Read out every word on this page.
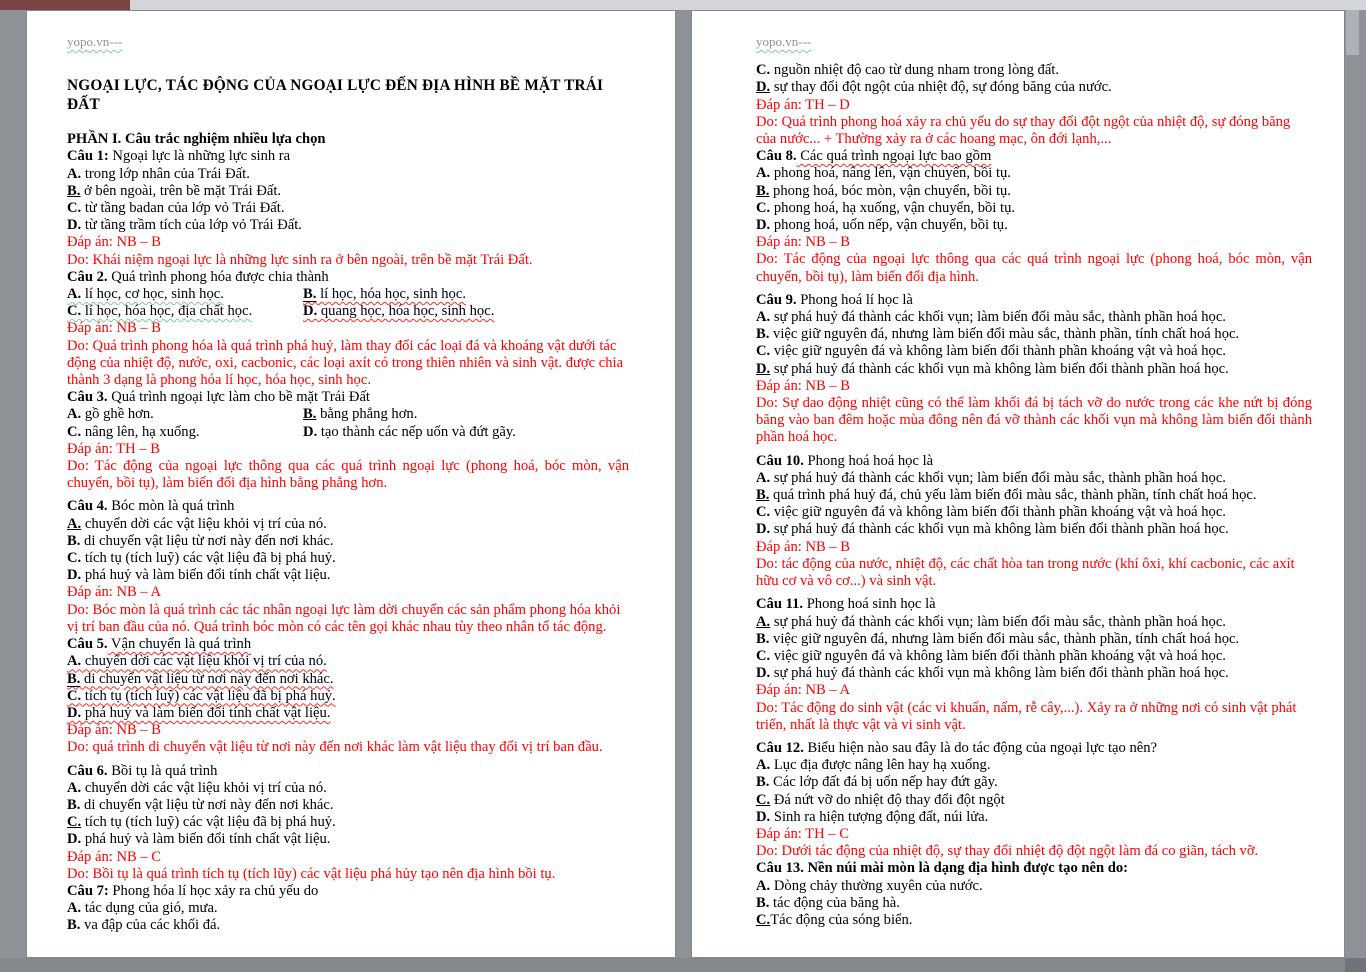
yopo.vn---
NGOẠI LỰC, TÁC ĐỘNG CỦA NGOẠI LỰC ĐẾN ĐỊA HÌNH BỀ MẶT TRÁI ĐẤT
PHẦN I. Câu trắc nghiệm nhiều lựa chọn
Câu 1: Ngoại lực là những lực sinh ra
A. trong lớp nhân của Trái Đất.
B. ở bên ngoài, trên bề mặt Trái Đất.
C. từ tầng badan của lớp vỏ Trái Đất.
D. từ tầng trầm tích của lớp vỏ Trái Đất.
Đáp án: NB – B
Do: Khái niệm ngoại lực là những lực sinh ra ở bên ngoài, trên bề mặt Trái Đất.
Câu 2. Quá trình phong hóa được chia thành
A. lí học, cơ học, sinh học.	B. lí học, hóa học, sinh học.
C. lí học, hóa học, địa chất học.	D. quang học, hóa học, sinh học.
Đáp án: NB – B
Do: Quá trình phong hóa là quá trình phá huỷ, làm thay đổi các loại đá và khoáng vật dưới tác động của nhiệt độ, nước, oxi, cacbonic, các loại axít có trong thiên nhiên và sinh vật. được chia thành 3 dạng là phong hóa lí học, hóa học, sinh học.
Câu 3. Quá trình ngoại lực làm cho bề mặt Trái Đất
A. gồ ghề hơn.	B. bằng phẳng hơn.
C. nâng lên, hạ xuống.	D. tạo thành các nếp uốn và đứt gãy.
Đáp án: TH – B
Do: Tác động của ngoại lực thông qua các quá trình ngoại lực (phong hoá, bóc mòn, vận chuyển, bồi tụ), làm biến đổi địa hình bằng phẳng hơn.
Câu 4. Bóc mòn là quá trình
A. chuyển dời các vật liệu khỏi vị trí của nó.
B. di chuyển vật liệu từ nơi này đến nơi khác.
C. tích tụ (tích luỹ) các vật liệu đã bị phá huỷ.
D. phá huỷ và làm biến đổi tính chất vật liệu.
Đáp án: NB – A
Do: Bóc mòn là quá trình các tác nhân ngoại lực làm dời chuyển các sản phẩm phong hóa khỏi vị trí ban đầu của nó. Quá trình bóc mòn có các tên gọi khác nhau tùy theo nhân tố tác động.
Câu 5. Vận chuyển là quá trình
A. chuyển dời các vật liệu khỏi vị trí của nó.
B. di chuyển vật liệu từ nơi này đến nơi khác.
C. tích tụ (tích luỹ) các vật liệu đã bị phá huỷ.
D. phá huỷ và làm biến đổi tính chất vật liệu.
Đáp án: NB – B
Do: quá trình di chuyển vật liệu từ nơi này đến nơi khác làm vật liệu thay đổi vị trí ban đầu.
Câu 6. Bồi tụ là quá trình
A. chuyển dời các vật liệu khỏi vị trí của nó.
B. di chuyển vật liệu từ nơi này đến nơi khác.
C. tích tụ (tích luỹ) các vật liệu đã bị phá huỷ.
D. phá huỷ và làm biến đổi tính chất vật liệu.
Đáp án: NB – C
Do: Bồi tụ là quá trình tích tụ (tích lũy) các vật liệu phá hủy tạo nên địa hình bồi tụ.
Câu 7: Phong hóa lí học xảy ra chủ yếu do
A. tác dụng của gió, mưa.
B. va đập của các khối đá.
yopo.vn---
C. nguồn nhiệt độ cao từ dung nham trong lòng đất.
D. sự thay đổi đột ngột của nhiệt độ, sự đóng băng của nước.
Đáp án: TH – D
Do: Quá trình phong hoá xảy ra chủ yếu do sự thay đổi đột ngột của nhiệt độ, sự đóng băng của nước... + Thường xảy ra ở các hoang mạc, ôn đới lạnh,...
Câu 8. Các quá trình ngoại lực bao gồm
A. phong hoá, nâng lên, vận chuyển, bồi tụ.
B. phong hoá, bóc mòn, vận chuyển, bồi tụ.
C. phong hoá, hạ xuống, vận chuyển, bồi tụ.
D. phong hoá, uốn nếp, vận chuyển, bồi tụ.
Đáp án: NB – B
Do: Tác động của ngoại lực thông qua các quá trình ngoại lực (phong hoá, bóc mòn, vận chuyển, bồi tụ), làm biến đổi địa hình.
Câu 9. Phong hoá lí học là
A. sự phá huỷ đá thành các khối vụn; làm biến đổi màu sắc, thành phần hoá học.
B. việc giữ nguyên đá, nhưng làm biến đổi màu sắc, thành phần, tính chất hoá học.
C. việc giữ nguyên đá và không làm biến đổi thành phần khoáng vật và hoá học.
D. sự phá huỷ đá thành các khối vụn mà không làm biến đổi thành phần hoá học.
Đáp án: NB – B
Do: Sự dao động nhiệt cũng có thể làm khối đá bị tách vỡ do nước trong các khe nứt bị đóng băng vào ban đêm hoặc mùa đông nên đá vỡ thành các khối vụn mà không làm biến đổi thành phần hoá học.
Câu 10. Phong hoá hoá học là
A. sự phá huỷ đá thành các khối vụn; làm biến đổi màu sắc, thành phần hoá học.
B. quá trình phá huỷ đá, chủ yếu làm biến đổi màu sắc, thành phần, tính chất hoá học.
C. việc giữ nguyên đá và không làm biến đổi thành phần khoáng vật và hoá học.
D. sự phá huỷ đá thành các khối vụn mà không làm biến đổi thành phần hoá học.
Đáp án: NB – B
Do: tác động của nước, nhiệt độ, các chất hòa tan trong nước (khí ôxi, khí cacbonic, các axít hữu cơ và vô cơ...) và sinh vật.
Câu 11. Phong hoá sinh học là
A. sự phá huỷ đá thành các khối vụn; làm biến đổi màu sắc, thành phần hoá học.
B. việc giữ nguyên đá, nhưng làm biến đổi màu sắc, thành phần, tính chất hoá học.
C. việc giữ nguyên đá và không làm biến đổi thành phần khoáng vật và hoá học.
D. sự phá huỷ đá thành các khối vụn mà không làm biến đổi thành phần hoá học.
Đáp án: NB – A
Do: Tác động do sinh vật (các vi khuẩn, nấm, rễ cây,...). Xảy ra ở những nơi có sinh vật phát triển, nhất là thực vật và vi sinh vật.
Câu 12. Biểu hiện nào sau đây là do tác động của ngoại lực tạo nên?
A. Lục địa được nâng lên hay hạ xuống.
B. Các lớp đất đá bị uốn nếp hay đứt gãy.
C. Đá nứt vỡ do nhiệt độ thay đổi đột ngột
D. Sinh ra hiện tượng động đất, núi lửa.
Đáp án: TH – C
Do: Dưới tác động của nhiệt độ, sự thay đổi nhiệt độ đột ngột làm đá co giãn, tách vỡ.
Câu 13. Nền núi mài mòn là dạng địa hình được tạo nên do:
A. Dòng chảy thường xuyên của nước.
B. tác động của băng hà.
C.Tác động của sóng biển.
